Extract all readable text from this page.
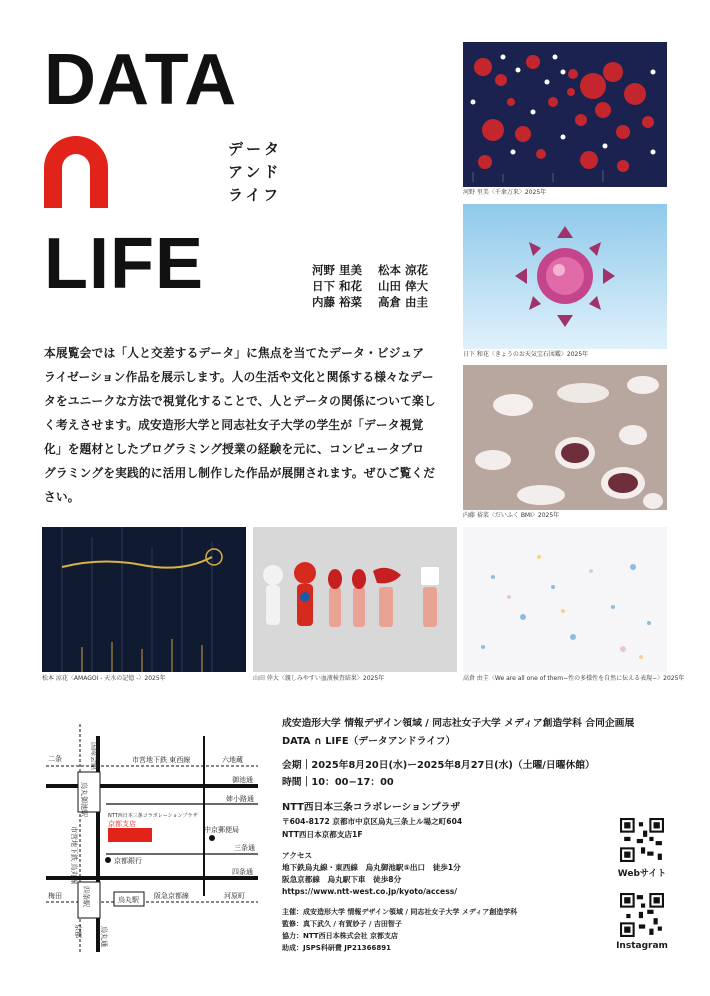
DATA
LIFE
データ
アンド
ライフ
河野 里美	松本 涼花
日下 和花	山田 倖大
内藤 裕菜	高倉 由圭
本展覧会では「人と交差するデータ」に焦点を当てたデータ・ビジュアライゼーション作品を展示します。人の生活や文化と関係する様々なデータをユニークな方法で視覚化することで、人とデータの関係について楽しく考えさせます。成安造形大学と同志社女子大学の学生が「データ視覚化」を題材としたプログラミング授業の経験を元に、コンピュータプログラミングを実践的に活用し制作した作品が展開されます。ぜひご覧ください。
河野 里美〈千傘万来〉2025年
日下 和花〈きょうのお天気宝石図鑑〉2025年
内藤 裕菜〈だいふく BMI〉2025年
松本 涼花〈AMAGOI - 天水の記憶 -〉2025年	山田 倖大〈親しみやすい血液検査結果〉2025年	高倉 由圭〈We are all one of them−性の多様性を自然に伝える表現−〉2025年
国際会館
二条	市営地下鉄 東西線	六地蔵
御池通
姉小路通
烏丸御池駅	NTT西日本三条コラボレーションプラザ
京都支店
中京郵便局
市営地下鉄 烏丸線	三条通
京都銀行
四条通
四条駅
梅田	烏丸駅 阪急京都線	河原町
京都	烏丸通
成安造形大学 情報デザイン領域 / 同志社女子大学 メディア創造学科 合同企画展
DATA ∩ LIFE（データアンドライフ）
会期｜2025年8月20日(水)ー2025年8月27日(水)（土曜/日曜休館）
時間｜10：00−17：00
NTT西日本三条コラボレーションプラザ
〒604-8172 京都市中京区烏丸三条上ル場之町604
NTT西日本京都支店1F
アクセス
地下鉄烏丸線・東西線　烏丸御池駅⑤出口　徒歩1分
阪急京都線　烏丸駅下車　徒歩8分
https://www.ntt-west.co.jp/kyoto/access/
主催：成安造形大学 情報デザイン領域 / 同志社女子大学 メディア創造学科
監修：真下武久 / 有賀妙子 / 吉田智子
協力：NTT西日本株式会社 京都支店
助成：JSPS科研費 JP21366891
Webサイト
Instagram
